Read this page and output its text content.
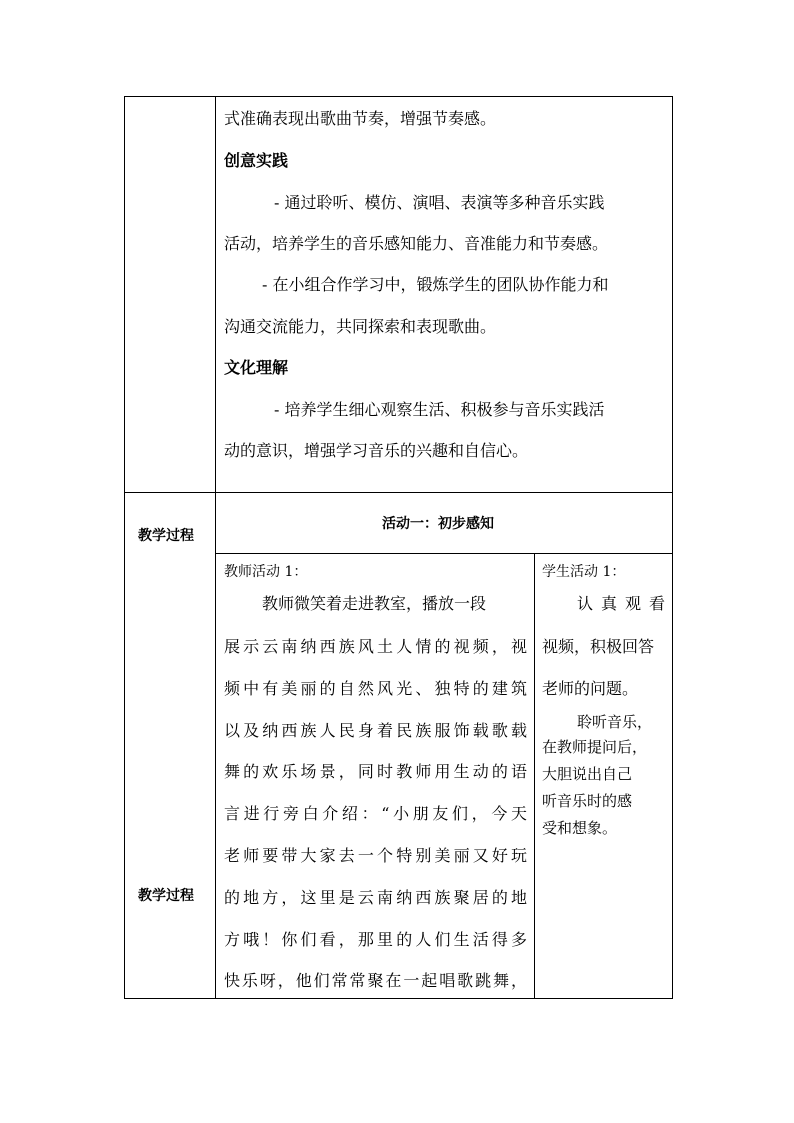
式准确表现出歌曲节奏，增强节奏感。
创意实践
- 通过聆听、模仿、演唱、表演等多种音乐实践
活动，培养学生的音乐感知能力、音准能力和节奏感。
- 在小组合作学习中，锻炼学生的团队协作能力和
沟通交流能力，共同探索和表现歌曲。
文化理解
- 培养学生细心观察生活、积极参与音乐实践活
动的意识，增强学习音乐的兴趣和自信心。
教学过程
教学过程
活动一：初步感知
教师活动 1：
教师微笑着走进教室，播放一段
展示云南纳西族风土人情的视频，视
频中有美丽的自然风光、独特的建筑
以及纳西族人民身着民族服饰载歌载
舞的欢乐场景，同时教师用生动的语
言进行旁白介绍：“小朋友们，今天
老师要带大家去一个特别美丽又好玩
的地方，这里是云南纳西族聚居的地
方哦！你们看，那里的人们生活得多
快乐呀，他们常常聚在一起唱歌跳舞，
学生活动 1：
认真观看
视频，积极回答
老师的问题。
聆听音乐，
在教师提问后，
大胆说出自己
听音乐时的感
受和想象。
